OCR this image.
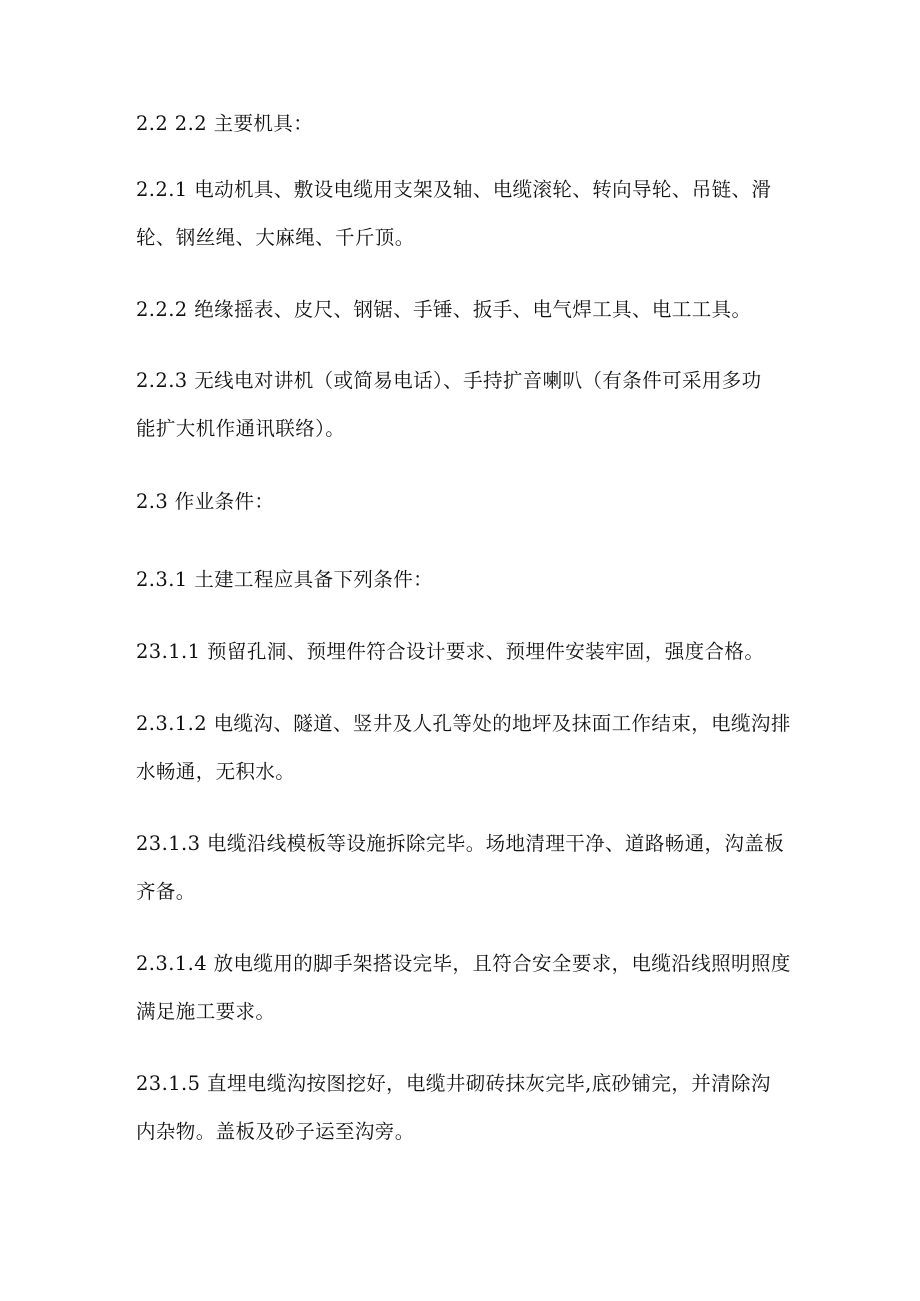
2.2 2.2 主要机具：
2.2.1 电动机具、敷设电缆用支架及轴、电缆滚轮、转向导轮、吊链、滑
轮、钢丝绳、大麻绳、千斤顶。
2.2.2 绝缘摇表、皮尺、钢锯、手锤、扳手、电气焊工具、电工工具。
2.2.3 无线电对讲机（或简易电话）、手持扩音喇叭（有条件可采用多功
能扩大机作通讯联络）。
2.3 作业条件：
2.3.1 土建工程应具备下列条件：
23.1.1 预留孔洞、预埋件符合设计要求、预埋件安装牢固，强度合格。
2.3.1.2 电缆沟、隧道、竖井及人孔等处的地坪及抹面工作结束，电缆沟排
水畅通，无积水。
23.1.3 电缆沿线模板等设施拆除完毕。场地清理干净、道路畅通，沟盖板
齐备。
2.3.1.4 放电缆用的脚手架搭设完毕，且符合安全要求，电缆沿线照明照度
满足施工要求。
23.1.5 直埋电缆沟按图挖好，电缆井砌砖抹灰完毕,底砂铺完，并清除沟
内杂物。盖板及砂子运至沟旁。
